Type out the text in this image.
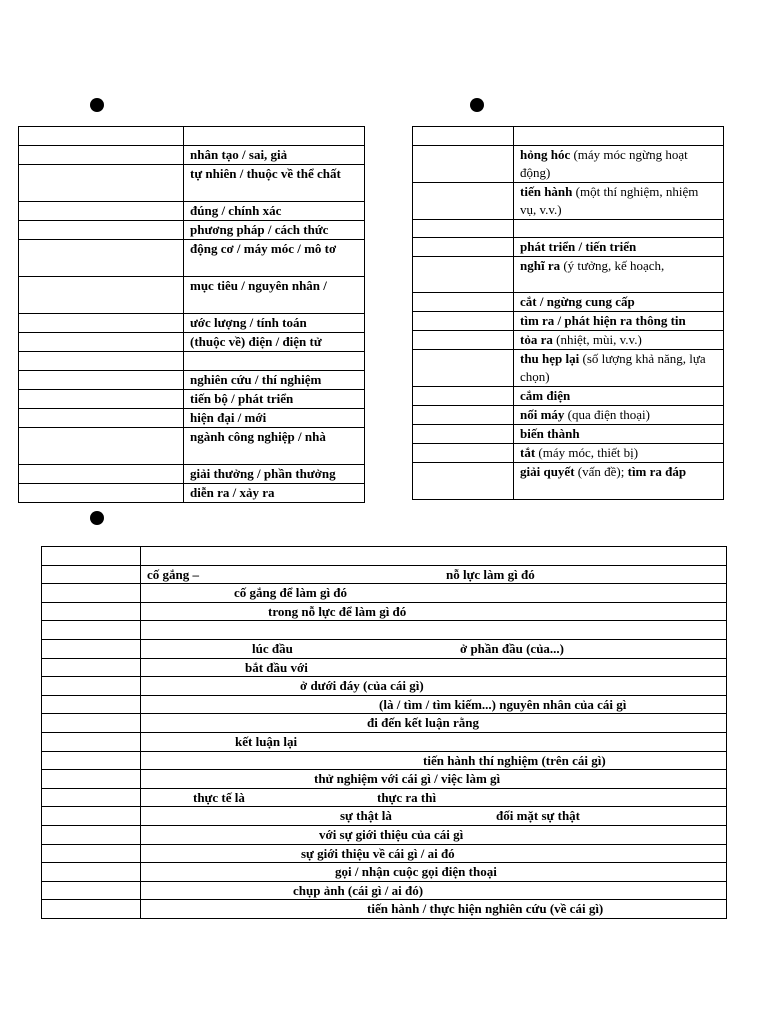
	nhân tạo / sai, giả
	tự nhiên / thuộc về thể chất
	đúng / chính xác
	phương pháp / cách thức
	động cơ / máy móc / mô tơ
	mục tiêu / nguyên nhân /
	ước lượng / tính toán
	(thuộc về) điện / điện tử

	nghiên cứu / thí nghiệm
	tiến bộ / phát triển
	hiện đại / mới
	ngành công nghiệp / nhà
	giải thưởng / phần thưởng
	diễn ra / xảy ra

	hỏng hóc (máy móc ngừng hoạt động)
	tiến hành (một thí nghiệm, nhiệm vụ, v.v.)

	phát triển / tiến triển
	nghĩ ra (ý tưởng, kế hoạch,
	cắt / ngừng cung cấp
	tìm ra / phát hiện ra thông tin
	tỏa ra (nhiệt, mùi, v.v.)
	thu hẹp lại (số lượng khả năng, lựa chọn)
	cắm điện
	nối máy (qua điện thoại)
	biến thành
	tắt (máy móc, thiết bị)
	giải quyết (vấn đề); tìm ra đáp

	cố gắng – nỗ lực làm gì đó

	cố gắng để làm gì đó

	trong nỗ lực để làm gì đó

	lúc đầu ở phần đầu (của...)

	bắt đầu với

	ở dưới đáy (của cái gì)

	(là / tìm / tìm kiếm...) nguyên nhân của cái gì

	đi đến kết luận rằng

	kết luận lại

	tiến hành thí nghiệm (trên cái gì)

	thử nghiệm với cái gì / việc làm gì

	thực tế là thực ra thì

	sự thật là đối mặt sự thật

	với sự giới thiệu của cái gì

	sự giới thiệu về cái gì / ai đó

	gọi / nhận cuộc gọi điện thoại

	chụp ảnh (cái gì / ai đó)

	tiến hành / thực hiện nghiên cứu (về cái gì)
